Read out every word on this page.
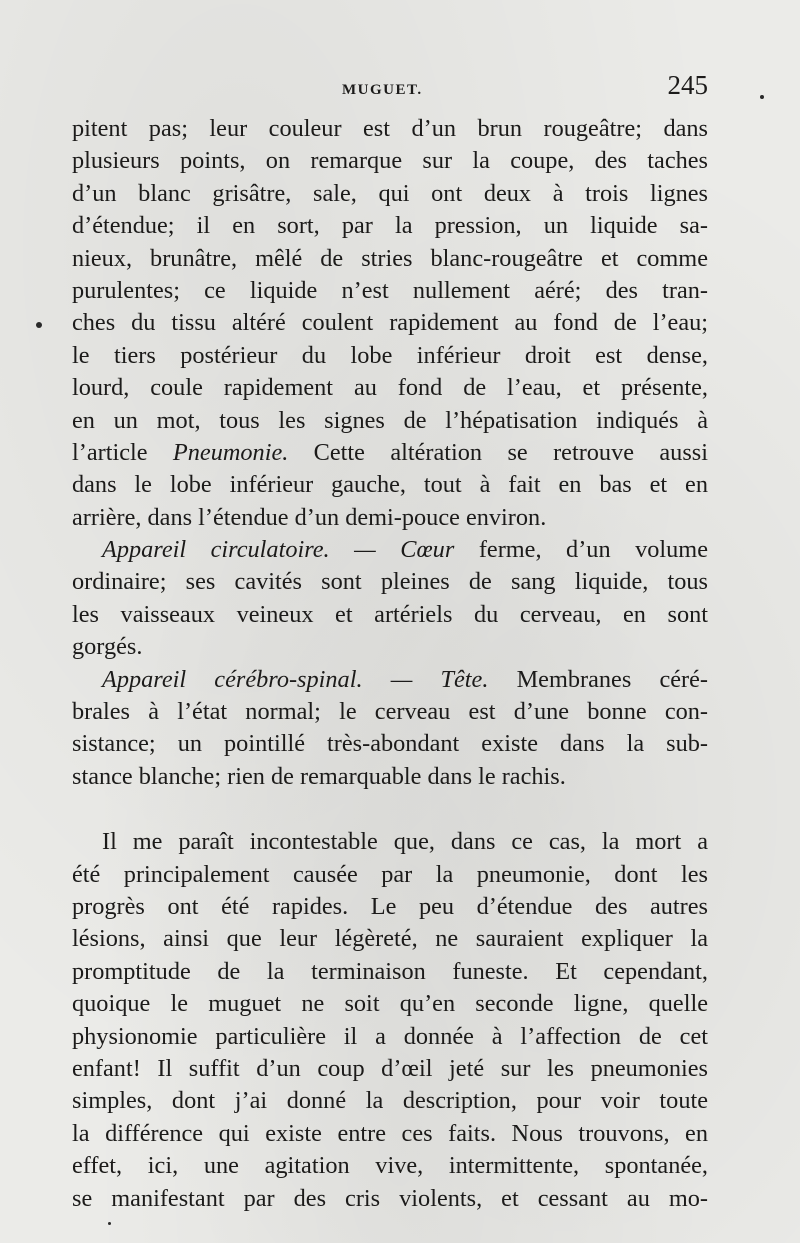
MUGUET.	245
pitent pas; leur couleur est d’un brun rougeâtre; dans
plusieurs points, on remarque sur la coupe, des taches
d’un blanc grisâtre, sale, qui ont deux à trois lignes
d’étendue; il en sort, par la pression, un liquide sa-
nieux, brunâtre, mêlé de stries blanc-rougeâtre et comme
purulentes; ce liquide n’est nullement aéré; des tran-
ches du tissu altéré coulent rapidement au fond de l’eau;
le tiers postérieur du lobe inférieur droit est dense,
lourd, coule rapidement au fond de l’eau, et présente,
en un mot, tous les signes de l’hépatisation indiqués à
l’article Pneumonie. Cette altération se retrouve aussi
dans le lobe inférieur gauche, tout à fait en bas et en
arrière, dans l’étendue d’un demi-pouce environ.
Appareil circulatoire. — Cœur ferme, d’un volume
ordinaire; ses cavités sont pleines de sang liquide, tous
les vaisseaux veineux et artériels du cerveau, en sont
gorgés.
Appareil cérébro-spinal. — Tête. Membranes céré-
brales à l’état normal; le cerveau est d’une bonne con-
sistance; un pointillé très-abondant existe dans la sub-
stance blanche; rien de remarquable dans le rachis.
Il me paraît incontestable que, dans ce cas, la mort a
été principalement causée par la pneumonie, dont les
progrès ont été rapides. Le peu d’étendue des autres
lésions, ainsi que leur légèreté, ne sauraient expliquer la
promptitude de la terminaison funeste. Et cependant,
quoique le muguet ne soit qu’en seconde ligne, quelle
physionomie particulière il a donnée à l’affection de cet
enfant! Il suffit d’un coup d’œil jeté sur les pneumonies
simples, dont j’ai donné la description, pour voir toute
la différence qui existe entre ces faits. Nous trouvons, en
effet, ici, une agitation vive, intermittente, spontanée,
se manifestant par des cris violents, et cessant au mo-
